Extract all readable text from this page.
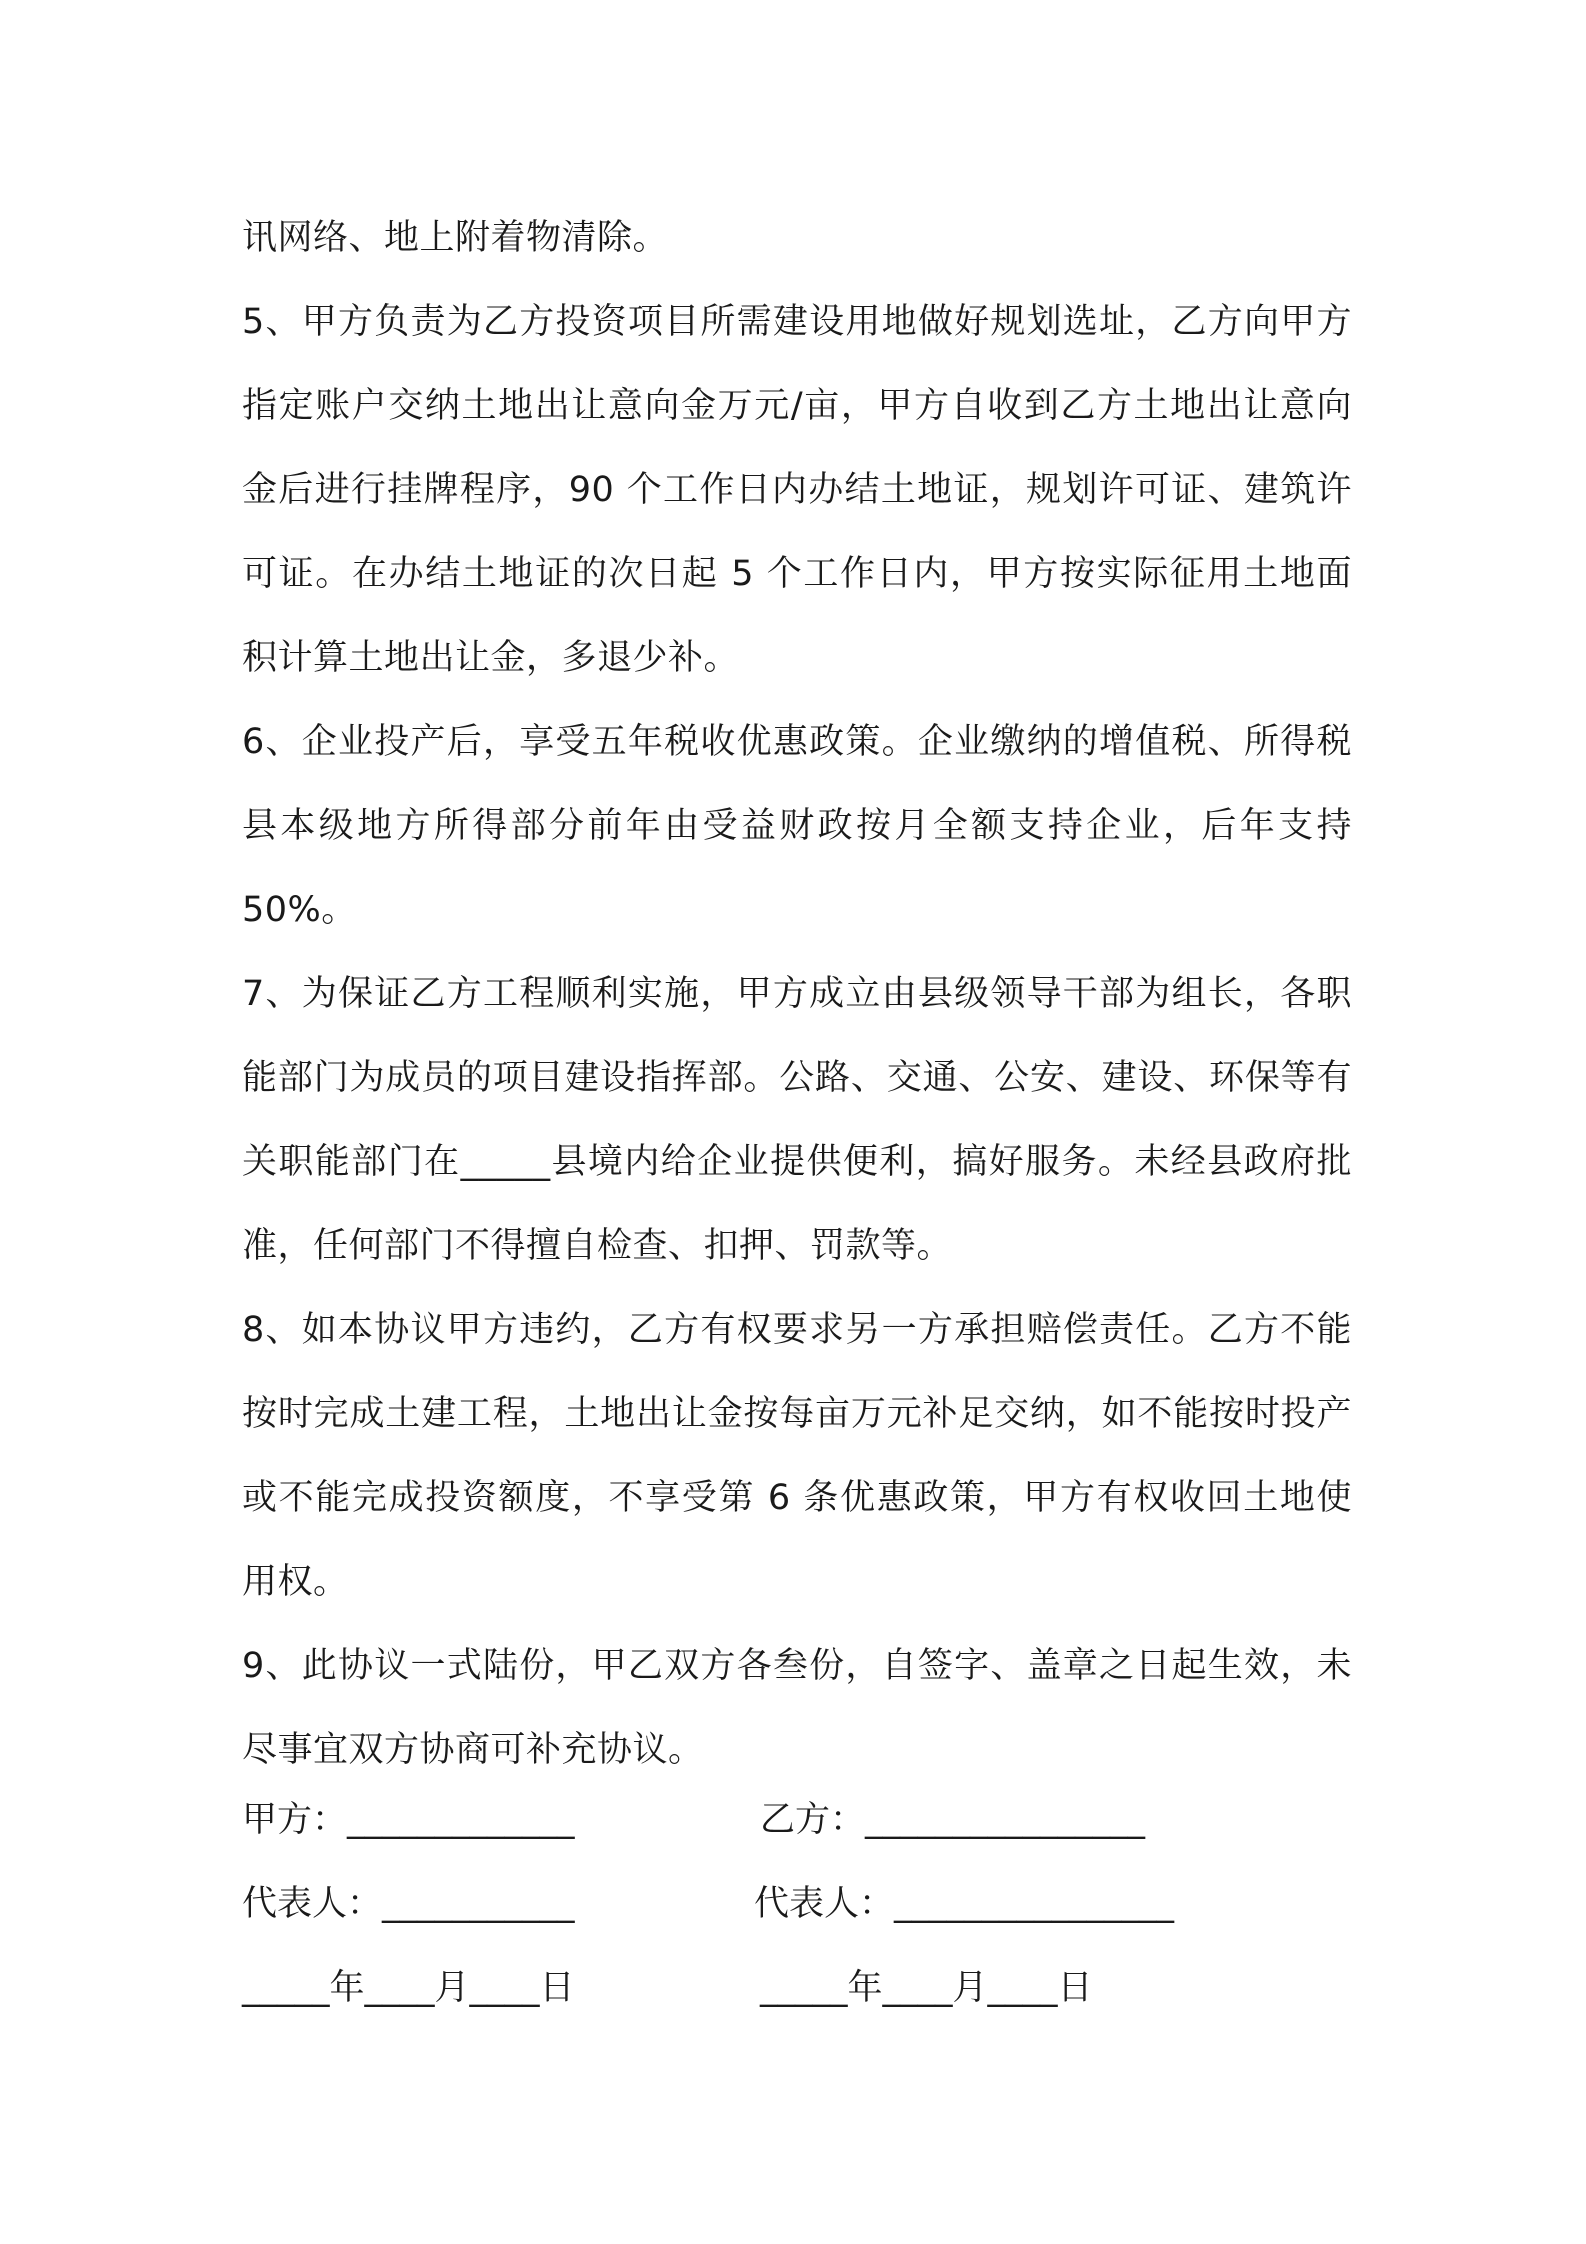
讯网络、地上附着物清除。

5、甲方负责为乙方投资项目所需建设用地做好规划选址，乙方向甲方指定账户交纳土地出让意向金万元/亩，甲方自收到乙方土地出让意向金后进行挂牌程序，90 个工作日内办结土地证，规划许可证、建筑许可证。在办结土地证的次日起 5 个工作日内，甲方按实际征用土地面积计算土地出让金，多退少补。

6、企业投产后，享受五年税收优惠政策。企业缴纳的增值税、所得税县本级地方所得部分前年由受益财政按月全额支持企业，后年支持50%。

7、为保证乙方工程顺利实施，甲方成立由县级领导干部为组长，各职能部门为成员的项目建设指挥部。公路、交通、公安、建设、环保等有关职能部门在_____县境内给企业提供便利，搞好服务。未经县政府批准，任何部门不得擅自检查、扣押、罚款等。

8、如本协议甲方违约，乙方有权要求另一方承担赔偿责任。乙方不能按时完成土建工程，土地出让金按每亩万元补足交纳，如不能按时投产或不能完成投资额度，不享受第 6 条优惠政策，甲方有权收回土地使用权。

9、此协议一式陆份，甲乙双方各叁份，自签字、盖章之日起生效，未尽事宜双方协商可补充协议。

甲方：_____________	乙方：________________
代表人：___________	代表人：________________
_____年____月____日	_____年____月____日
